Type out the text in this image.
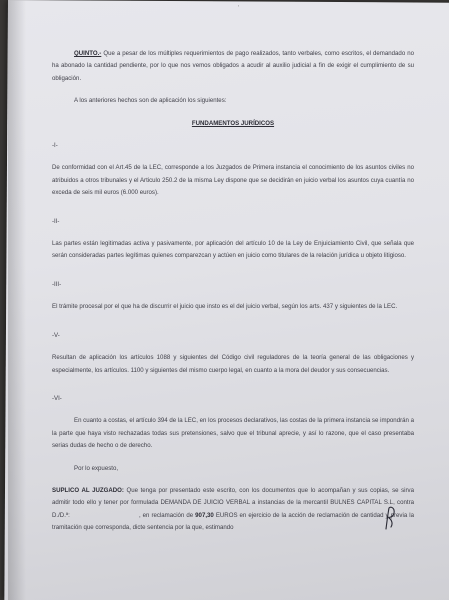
'

QUINTO.- Que a pesar de los múltiples requerimientos de pago realizados, tanto verbales, como escritos, el demandado no ha abonado la cantidad pendiente, por lo que nos vemos obligados a acudir al auxilio judicial a fin de exigir el cumplimiento de su obligación.

A los anteriores hechos son de aplicación los siguientes:

FUNDAMENTOS JURÍDICOS

-I-

De conformidad con el Art.45 de la LEC, corresponde a los Juzgados de Primera instancia el conocimiento de los asuntos civiles no atribuidos a otros tribunales y el Articulo 250.2 de la misma Ley dispone que se decidirán en juicio verbal los asuntos cuya cuantía no exceda de seis mil euros (6.000 euros).

-II-

Las partes están legitimadas activa y pasivamente, por aplicación del artículo 10 de la Ley de Enjuiciamiento Civil, que señala que serán consideradas partes legítimas quienes comparezcan y actúen en juicio como titulares de la relación jurídica u objeto litigioso.

-III-

El trámite procesal por el que ha de discurrir el juicio que insto es el del juicio verbal, según los arts. 437 y siguientes de la LEC.

-V-

Resultan de aplicación los artículos 1088 y siguientes del Código civil reguladores de la teoría general de las obligaciones y especialmente, los artículos. 1100 y siguientes del mismo cuerpo legal, en cuanto a la mora del deudor y sus consecuencias.

-VI-

En cuanto a costas, el artículo 394 de la LEC, en los procesos declarativos, las costas de la primera instancia se impondrán a la parte que haya visto rechazadas todas sus pretensiones, salvo que el tribunal aprecie, y así lo razone, que el caso presentaba serias dudas de hecho o de derecho.

Por lo expuesto,

SUPLICO AL JUZGADO: Que tenga por presentado este escrito, con los documentos que lo acompañan y sus copias, se sirva admitir todo ello y tener por formulada DEMANDA DE JUICIO VERBAL a instancias de la mercantil BULNES CAPITAL S.L, contra D./D.ª:	, en reclamación de 907,30 EUROS en ejercicio de la acción de reclamación de cantidad y previa la tramitación que corresponda, dicte sentencia por la que, estimando
